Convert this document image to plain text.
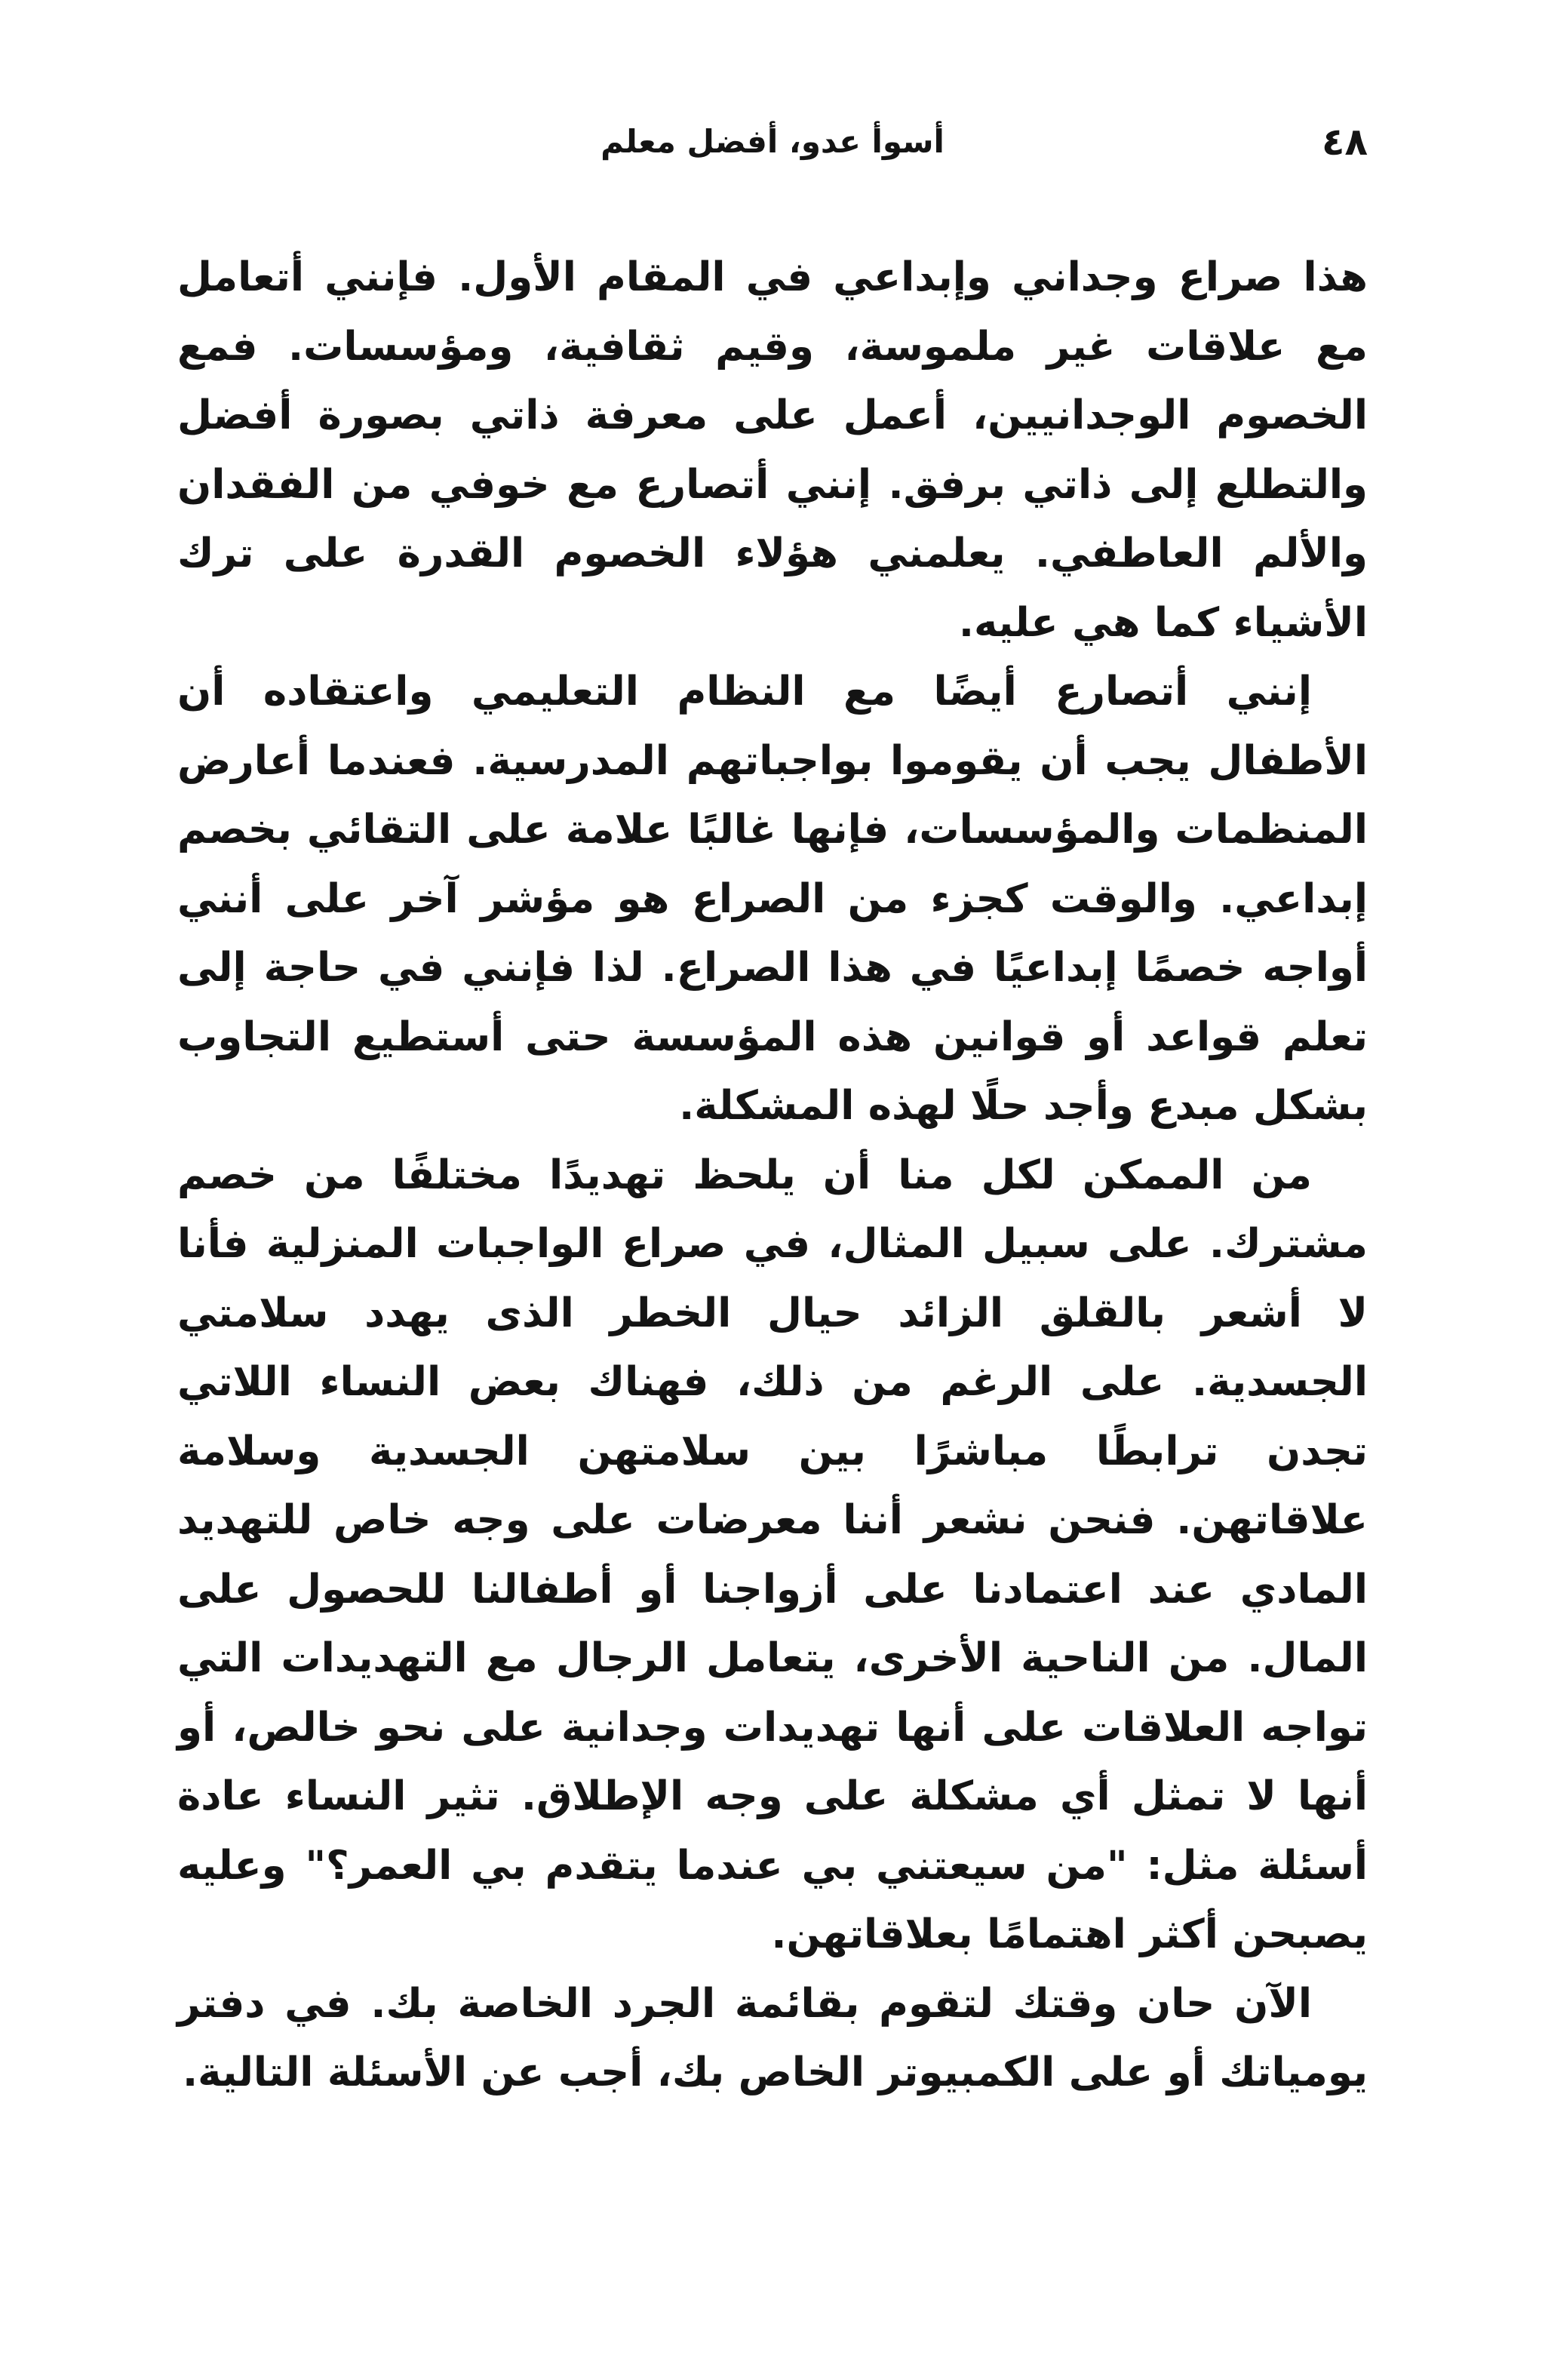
٤٨
أسوأ عدو، أفضل معلم

هذا صراع وجداني وإبداعي في المقام الأول. فإنني أتعامل مع علاقات غير ملموسة، وقيم ثقافية، ومؤسسات. فمع الخصوم الوجدانيين، أعمل على معرفة ذاتي بصورة أفضل والتطلع إلى ذاتي برفق. إنني أتصارع مع خوفي من الفقدان والألم العاطفي. يعلمني هؤلاء الخصوم القدرة على ترك الأشياء كما هي عليه.

إنني أتصارع أيضًا مع النظام التعليمي واعتقاده أن الأطفال يجب أن يقوموا بواجباتهم المدرسية. فعندما أعارض المنظمات والمؤسسات، فإنها غالبًا علامة على التقائي بخصم إبداعي. والوقت كجزء من الصراع هو مؤشر آخر على أنني أواجه خصمًا إبداعيًا في هذا الصراع. لذا فإنني في حاجة إلى تعلم قواعد أو قوانين هذه المؤسسة حتى أستطيع التجاوب بشكل مبدع وأجد حلًا لهذه المشكلة.

من الممكن لكل منا أن يلحظ تهديدًا مختلفًا من خصم مشترك. على سبيل المثال، في صراع الواجبات المنزلية فأنا لا أشعر بالقلق الزائد حيال الخطر الذى يهدد سلامتي الجسدية. على الرغم من ذلك، فهناك بعض النساء اللاتي تجدن ترابطًا مباشرًا بين سلامتهن الجسدية وسلامة علاقاتهن. فنحن نشعر أننا معرضات على وجه خاص للتهديد المادي عند اعتمادنا على أزواجنا أو أطفالنا للحصول على المال. من الناحية الأخرى، يتعامل الرجال مع التهديدات التي تواجه العلاقات على أنها تهديدات وجدانية على نحو خالص، أو أنها لا تمثل أي مشكلة على وجه الإطلاق. تثير النساء عادة أسئلة مثل: "من سيعتني بي عندما يتقدم بي العمر؟" وعليه يصبحن أكثر اهتمامًا بعلاقاتهن.

الآن حان وقتك لتقوم بقائمة الجرد الخاصة بك. في دفتر يومياتك أو على الكمبيوتر الخاص بك، أجب عن الأسئلة التالية.
